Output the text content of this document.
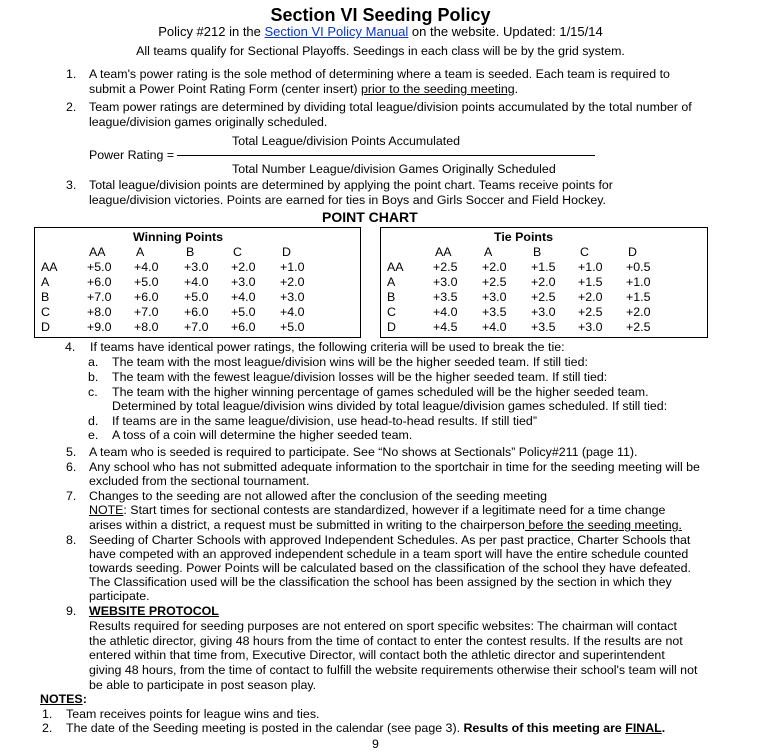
Section VI Seeding Policy
Policy #212 in the Section VI Policy Manual on the website. Updated: 1/15/14
All teams qualify for Sectional Playoffs. Seedings in each class will be by the grid system.
1. A team's power rating is the sole method of determining where a team is seeded. Each team is required to
submit a Power Point Rating Form (center insert) prior to the seeding meeting.
2. Team power ratings are determined by dividing total league/division points accumulated by the total number of
league/division games originally scheduled.
Total League/division Points Accumulated
Power Rating =
Total Number League/division Games Originally Scheduled
3. Total league/division points are determined by applying the point chart. Teams receive points for
league/division victories. Points are earned for ties in Boys and Girls Soccer and Field Hockey.
POINT CHART
Winning Points
AA A	B	C	D
AA +5.0 +4.0 +3.0 +2.0 +1.0
A	+6.0 +5.0 +4.0 +3.0 +2.0
B	+7.0 +6.0 +5.0 +4.0 +3.0
C	+8.0 +7.0 +6.0 +5.0 +4.0
D	+9.0 +8.0 +7.0 +6.0 +5.0
Tie Points
AA	A	B	C	D
AA +2.5 +2.0 +1.5 +1.0 +0.5
A	+3.0 +2.5 +2.0 +1.5 +1.0
B	+3.5 +3.0 +2.5 +2.0 +1.5
C	+4.0 +3.5 +3.0 +2.5 +2.0
D	+4.5 +4.0 +3.5 +3.0 +2.5
4. If teams have identical power ratings, the following criteria will be used to break the tie:
a. The team with the most league/division wins will be the higher seeded team. If still tied:
b. The team with the fewest league/division losses will be the higher seeded team. If still tied:
c. The team with the higher winning percentage of games scheduled will be the higher seeded team.
Determined by total league/division wins divided by total league/division games scheduled. If still tied:
d. If teams are in the same league/division, use head-to-head results. If still tied”
e. A toss of a coin will determine the higher seeded team.
5. A team who is seeded is required to participate. See “No shows at Sectionals” Policy#211 (page 11).
6. Any school who has not submitted adequate information to the sportchair in time for the seeding meeting will be
excluded from the sectional tournament.
7. Changes to the seeding are not allowed after the conclusion of the seeding meeting
NOTE: Start times for sectional contests are standardized, however if a legitimate need for a time change
arises within a district, a request must be submitted in writing to the chairperson before the seeding meeting.
8. Seeding of Charter Schools with approved Independent Schedules. As per past practice, Charter Schools that
have competed with an approved independent schedule in a team sport will have the entire schedule counted
towards seeding. Power Points will be calculated based on the classification of the school they have defeated.
The Classification used will be the classification the school has been assigned by the section in which they
participate.
9. WEBSITE PROTOCOL
Results required for seeding purposes are not entered on sport specific websites: The chairman will contact
the athletic director, giving 48 hours from the time of contact to enter the contest results. If the results are not
entered within that time from, Executive Director, will contact both the athletic director and superintendent
giving 48 hours, from the time of contact to fulfill the website requirements otherwise their school's team will not
be able to participate in post season play.
NOTES:
1. Team receives points for league wins and ties.
2. The date of the Seeding meeting is posted in the calendar (see page 3). Results of this meeting are FINAL.
9
